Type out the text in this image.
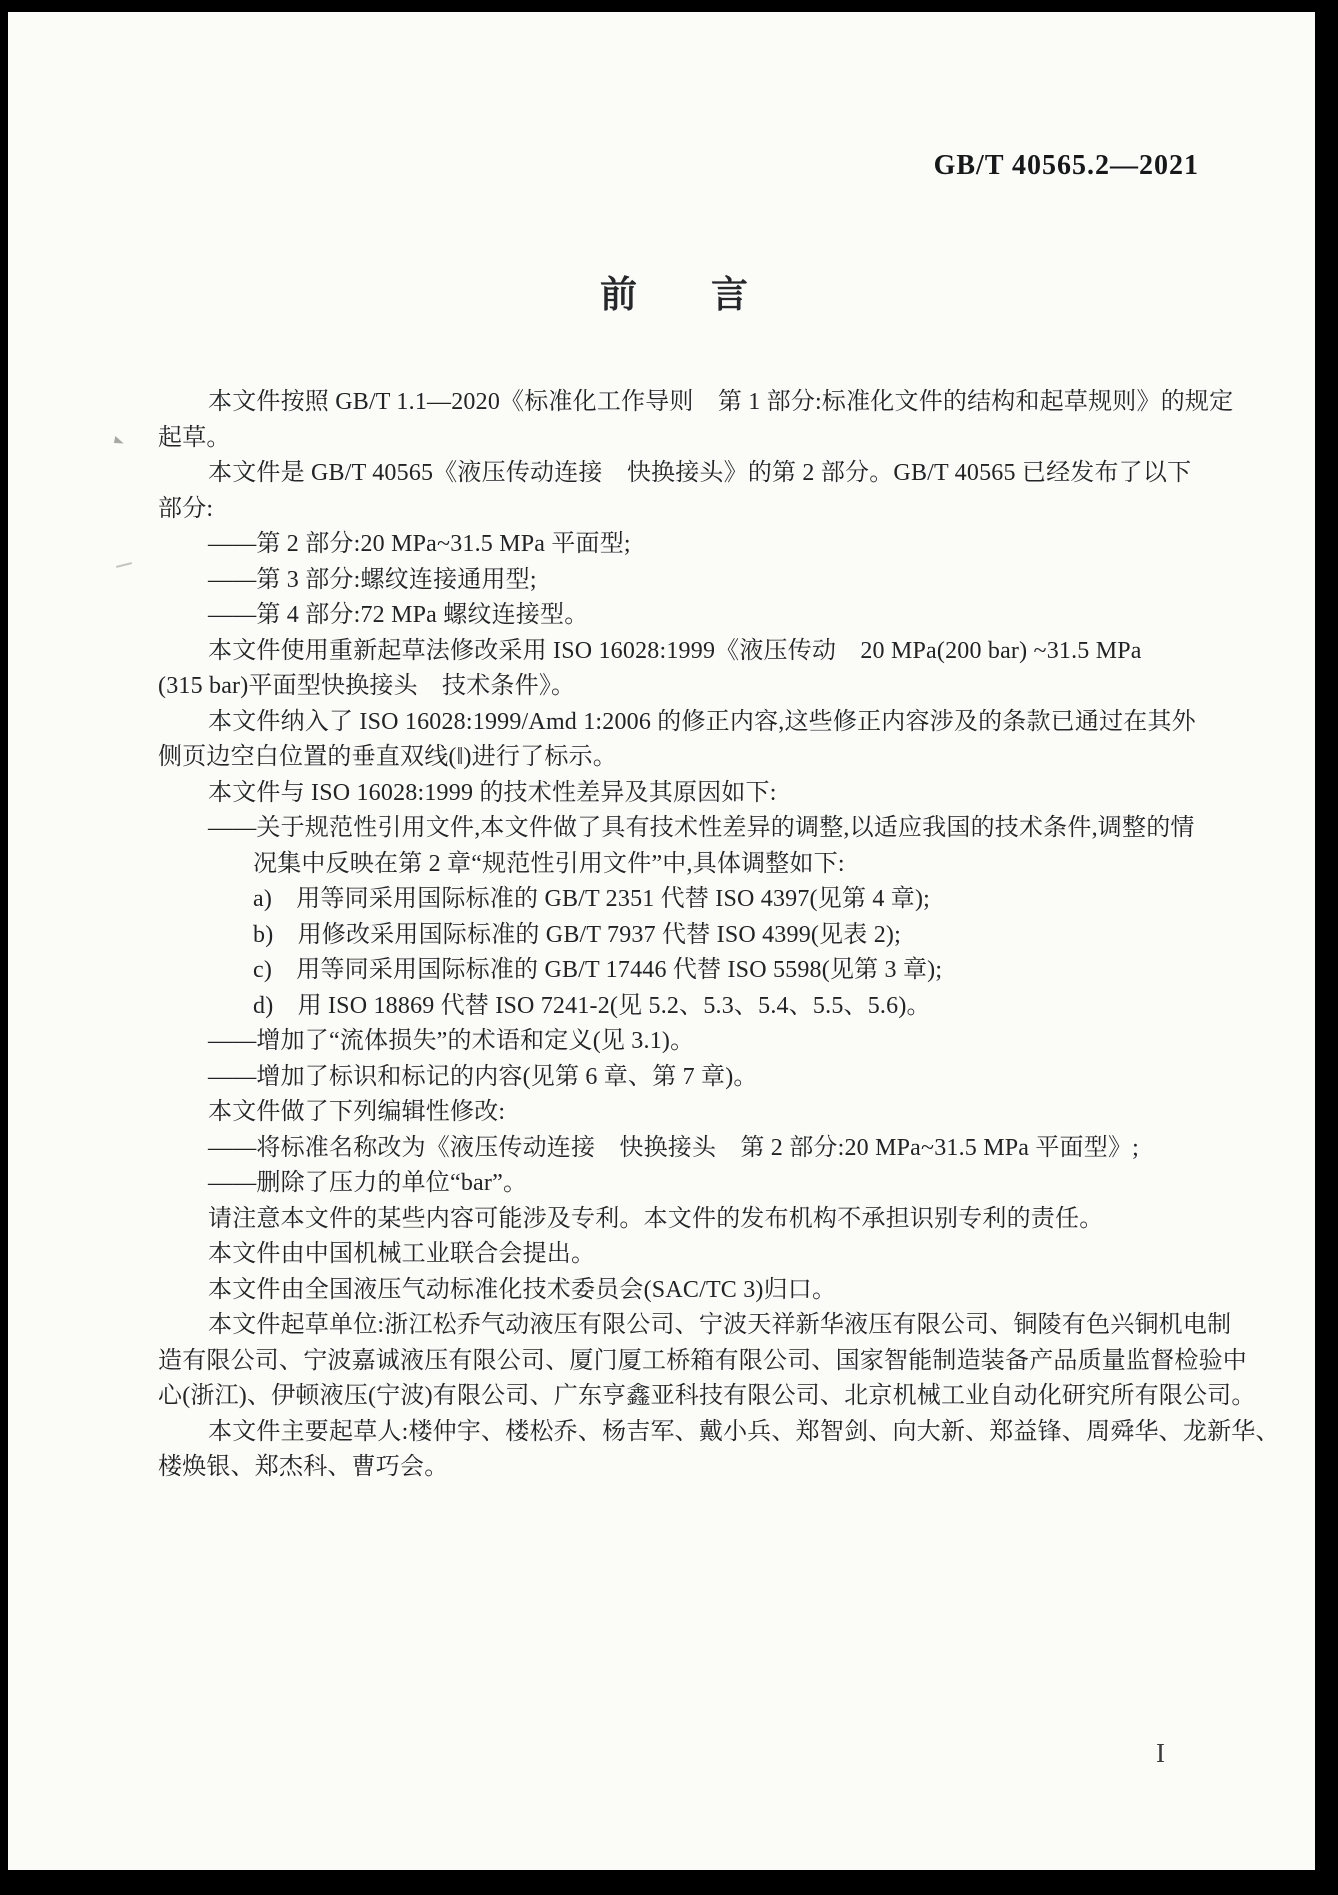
GB/T 40565.2—2021
前　　言
本文件按照 GB/T 1.1—2020《标准化工作导则　第 1 部分:标准化文件的结构和起草规则》的规定
起草。
本文件是 GB/T 40565《液压传动连接　快换接头》的第 2 部分。GB/T 40565 已经发布了以下
部分:
——第 2 部分:20 MPa~31.5 MPa 平面型;
——第 3 部分:螺纹连接通用型;
——第 4 部分:72 MPa 螺纹连接型。
本文件使用重新起草法修改采用 ISO 16028:1999《液压传动　20 MPa(200 bar) ~31.5 MPa
(315 bar)平面型快换接头　技术条件》。
本文件纳入了 ISO 16028:1999/Amd 1:2006 的修正内容,这些修正内容涉及的条款已通过在其外
侧页边空白位置的垂直双线(‖)进行了标示。
本文件与 ISO 16028:1999 的技术性差异及其原因如下:
——关于规范性引用文件,本文件做了具有技术性差异的调整,以适应我国的技术条件,调整的情
况集中反映在第 2 章“规范性引用文件”中,具体调整如下:
a)　用等同采用国际标准的 GB/T 2351 代替 ISO 4397(见第 4 章);
b)　用修改采用国际标准的 GB/T 7937 代替 ISO 4399(见表 2);
c)　用等同采用国际标准的 GB/T 17446 代替 ISO 5598(见第 3 章);
d)　用 ISO 18869 代替 ISO 7241-2(见 5.2、5.3、5.4、5.5、5.6)。
——增加了“流体损失”的术语和定义(见 3.1)。
——增加了标识和标记的内容(见第 6 章、第 7 章)。
本文件做了下列编辑性修改:
——将标准名称改为《液压传动连接　快换接头　第 2 部分:20 MPa~31.5 MPa 平面型》;
——删除了压力的单位“bar”。
请注意本文件的某些内容可能涉及专利。本文件的发布机构不承担识别专利的责任。
本文件由中国机械工业联合会提出。
本文件由全国液压气动标准化技术委员会(SAC/TC 3)归口。
本文件起草单位:浙江松乔气动液压有限公司、宁波天祥新华液压有限公司、铜陵有色兴铜机电制
造有限公司、宁波嘉诚液压有限公司、厦门厦工桥箱有限公司、国家智能制造装备产品质量监督检验中
心(浙江)、伊顿液压(宁波)有限公司、广东亨鑫亚科技有限公司、北京机械工业自动化研究所有限公司。
本文件主要起草人:楼仲宇、楼松乔、杨吉军、戴小兵、郑智剑、向大新、郑益锋、周舜华、龙新华、
楼焕银、郑杰科、曹巧会。
I
